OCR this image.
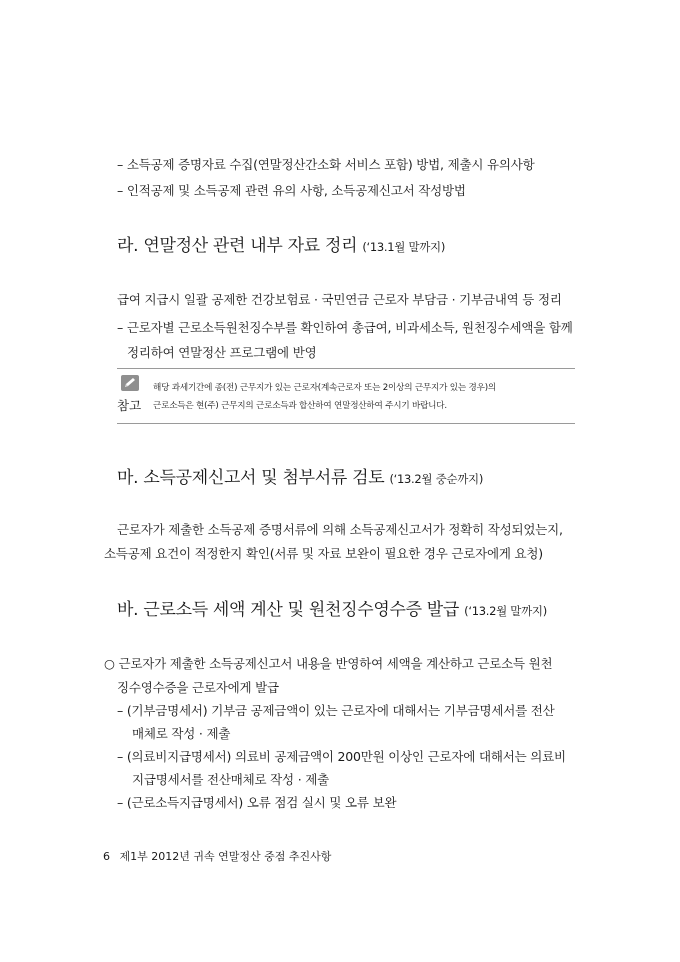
– 소득공제 증명자료 수집(연말정산간소화 서비스 포함) 방법, 제출시 유의사항
– 인적공제 및 소득공제 관련 유의 사항, 소득공제신고서 작성방법
라. 연말정산 관련 내부 자료 정리 (‘13.1월 말까지)
급여 지급시 일괄 공제한 건강보험료 · 국민연금 근로자 부담금 · 기부금내역 등 정리
– 근로자별 근로소득원천징수부를 확인하여 총급여, 비과세소득, 원천징수세액을 함께
정리하여 연말정산 프로그램에 반영
참고
해당 과세기간에 종(전) 근무지가 있는 근로자(계속근로자 또는 2이상의 근무지가 있는 경우)의
근로소득은 현(주) 근무지의 근로소득과 합산하여 연말정산하여 주시기 바랍니다.
마. 소득공제신고서 및 첨부서류 검토 (‘13.2월 중순까지)
근로자가 제출한 소득공제 증명서류에 의해 소득공제신고서가 정확히 작성되었는지,
소득공제 요건이 적정한지 확인(서류 및 자료 보완이 필요한 경우 근로자에게 요청)
바. 근로소득 세액 계산 및 원천징수영수증 발급 (‘13.2월 말까지)
○ 근로자가 제출한 소득공제신고서 내용을 반영하여 세액을 계산하고 근로소득 원천
징수영수증을 근로자에게 발급
– (기부금명세서) 기부금 공제금액이 있는 근로자에 대해서는 기부금명세서를 전산
매체로 작성 · 제출
– (의료비지급명세서) 의료비 공제금액이 200만원 이상인 근로자에 대해서는 의료비
지급명세서를 전산매체로 작성 · 제출
– (근로소득지급명세서) 오류 점검 실시 및 오류 보완
6 제1부 2012년 귀속 연말정산 중점 추진사항
